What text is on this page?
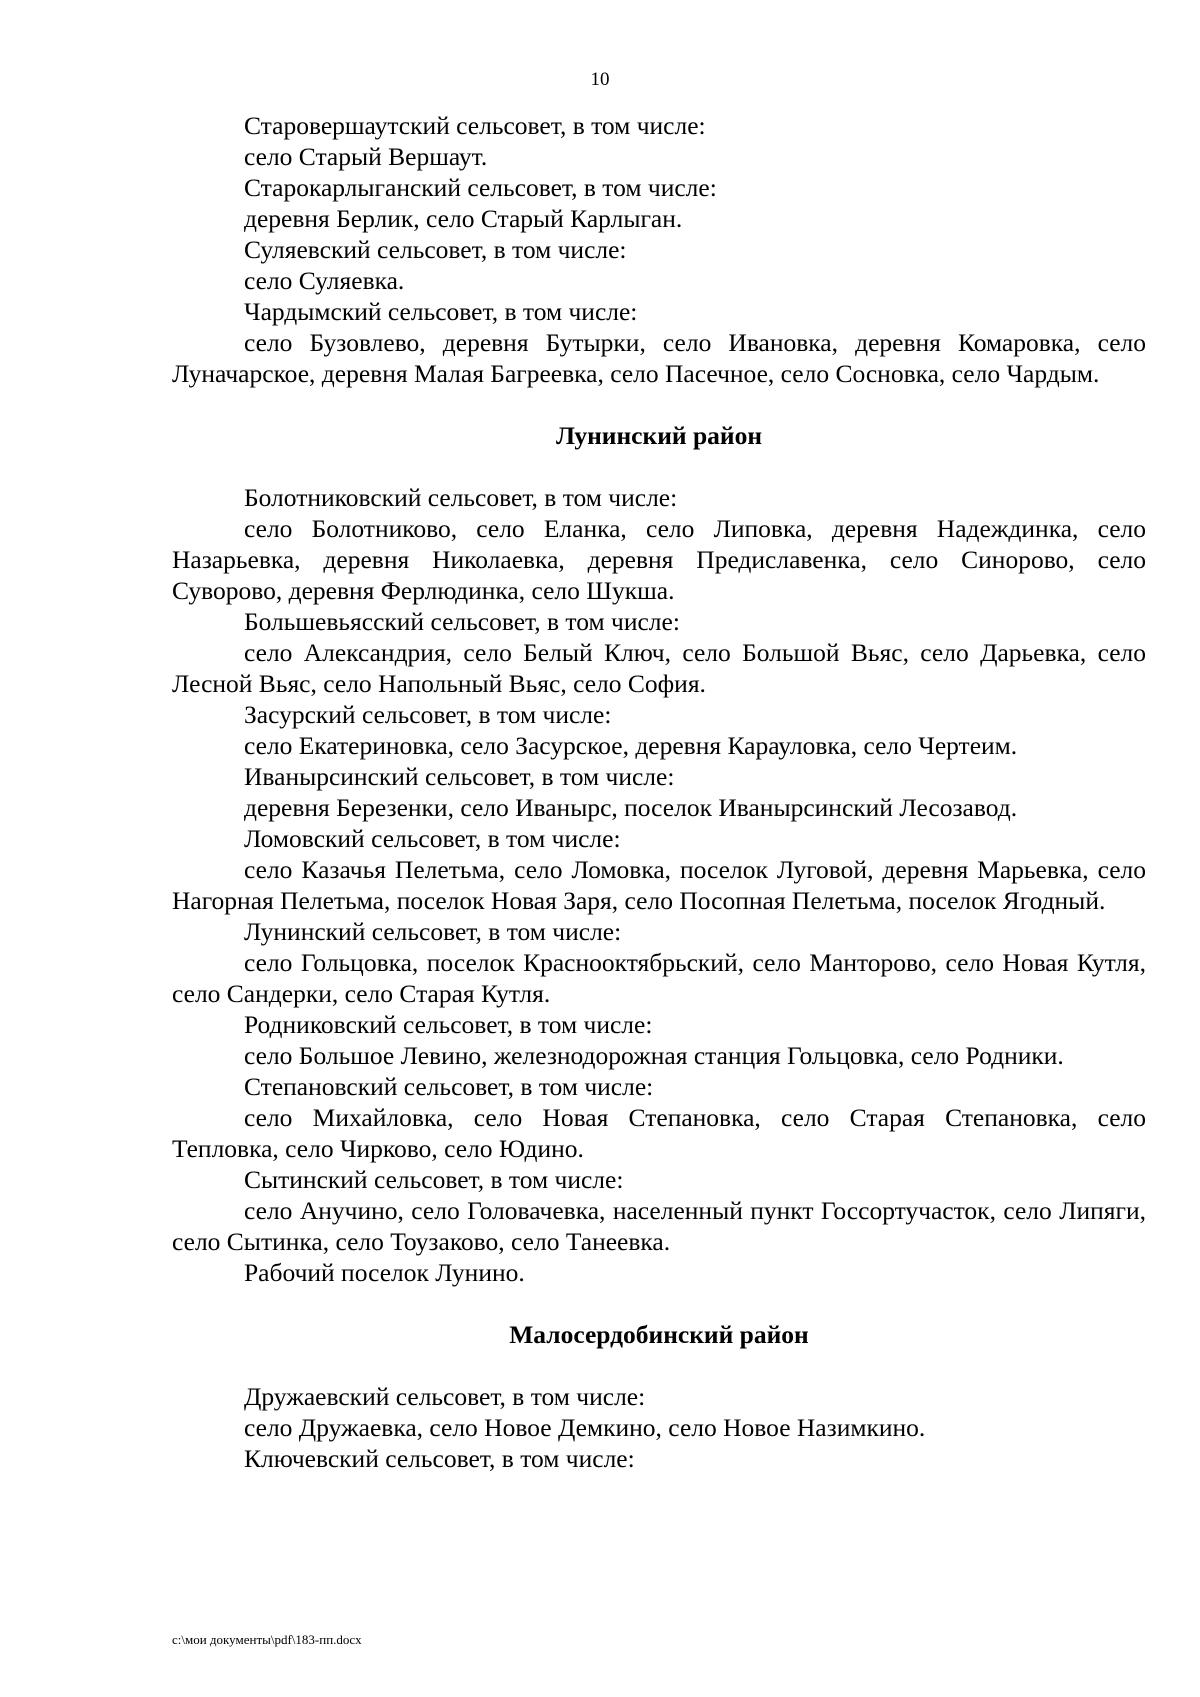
10

Старовершаутский сельсовет, в том числе:

село Старый Вершаут.

Старокарлыганский сельсовет, в том числе:

деревня Берлик, село Старый Карлыган.

Суляевский сельсовет, в том числе:

село Суляевка.

Чардымский сельсовет, в том числе:

село Бузовлево, деревня Бутырки, село Ивановка, деревня Комаровка, село Луначарское, деревня Малая Багреевка, село Пасечное, село Сосновка, село Чардым.

Лунинский район

Болотниковский сельсовет, в том числе:

село Болотниково, село Еланка, село Липовка, деревня Надеждинка, село Назарьевка, деревня Николаевка, деревня Предиславенка, село Синорово, село Суворово, деревня Ферлюдинка, село Шукша.

Большевьясский сельсовет, в том числе:

село Александрия, село Белый Ключ, село Большой Вьяс, село Дарьевка, село Лесной Вьяс, село Напольный Вьяс, село София.

Засурский сельсовет, в том числе:

село Екатериновка, село Засурское, деревня Карауловка, село Чертеим.

Иваныpсинский сельсовет, в том числе:

деревня Березенки, село Иваныpс, поселок Иваныpсинский Лесозавод.

Ломовский сельсовет, в том числе:

село Казачья Пелетьма, село Ломовка, поселок Луговой, деревня Марьевка, село Нагорная Пелетьма, поселок Новая Заря, село Посопная Пелетьма, поселок Ягодный.

Лунинский сельсовет, в том числе:

село Гольцовка, поселок Краснооктябрьский, село Манторово, село Новая Кутля, село Сандерки, село Старая Кутля.

Родниковский сельсовет, в том числе:

село Большое Левино, железнодорожная станция Гольцовка, село Родники.

Степановский сельсовет, в том числе:

село Михайловка, село Новая Степановка, село Старая Степановка, село Тепловка, село Чирково, село Юдино.

Сытинский сельсовет, в том числе:

село Анучино, село Головачевка, населенный пункт Госсортучасток, село Липяги, село Сытинка, село Тоузаково, село Танеевка.

Рабочий поселок Лунино.

Малосердобинский район

Дружаевский сельсовет, в том числе:

село Дружаевка, село Новое Демкино, село Новое Назимкино.

Ключевский сельсовет, в том числе:

c:\мои документы\pdf\183-пп.docx
